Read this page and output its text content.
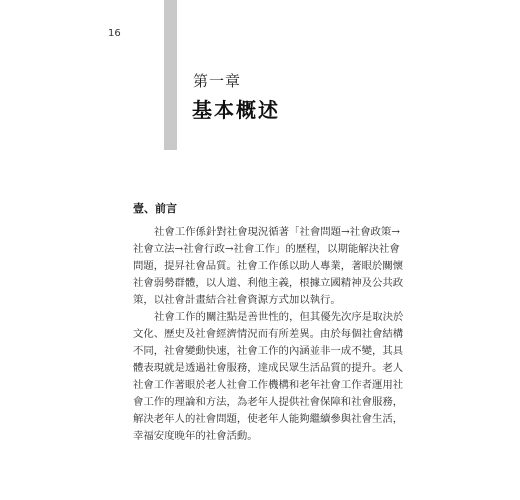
16
第一章
基本概述
壹、前言
社會工作係針對社會現況循著「社會問題→社會政策→
社會立法→社會行政→社會工作」的歷程，以期能解決社會
問題，提昇社會品質。社會工作係以助人專業，著眼於關懷
社會弱勢群體，以人道、利他主義，根據立國精神及公共政
策，以社會計畫結合社會資源方式加以執行。
社會工作的關注點是善世性的，但其優先次序是取決於
文化、歷史及社會經濟情況而有所差異。由於每個社會結構
不同，社會變動快速，社會工作的內涵並非一成不變，其具
體表現就是透過社會服務，達成民眾生活品質的提升。老人
社會工作著眼於老人社會工作機構和老年社會工作者運用社
會工作的理論和方法，為老年人提供社會保障和社會服務，
解決老年人的社會問題，使老年人能夠繼續參與社會生活，
幸福安度晚年的社會活動。
